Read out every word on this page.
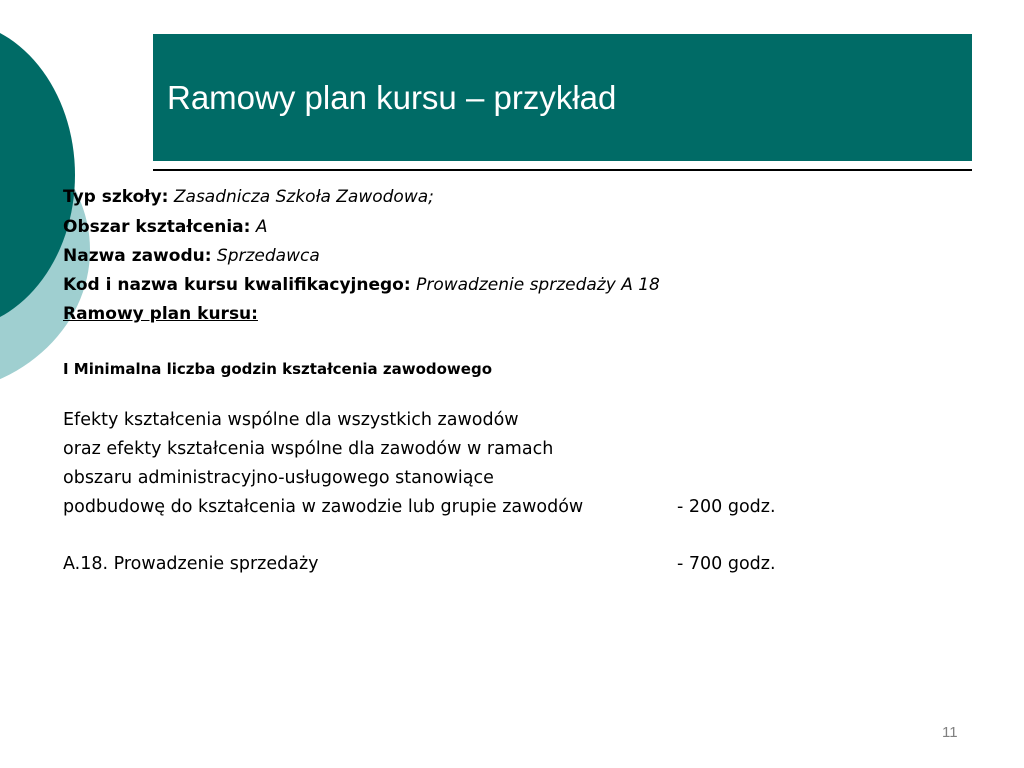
Ramowy plan kursu – przykład
Typ szkoły: Zasadnicza Szkoła Zawodowa;
Obszar kształcenia: A
Nazwa zawodu: Sprzedawca
Kod i nazwa kursu kwalifikacyjnego: Prowadzenie sprzedaży A 18
Ramowy plan kursu:
I Minimalna liczba godzin kształcenia zawodowego
Efekty kształcenia wspólne dla wszystkich zawodów
oraz efekty kształcenia wspólne dla zawodów w ramach
obszaru administracyjno-usługowego stanowiące
podbudowę do kształcenia w zawodzie lub grupie zawodów	- 200 godz.
A.18. Prowadzenie sprzedaży	- 700 godz.
11
